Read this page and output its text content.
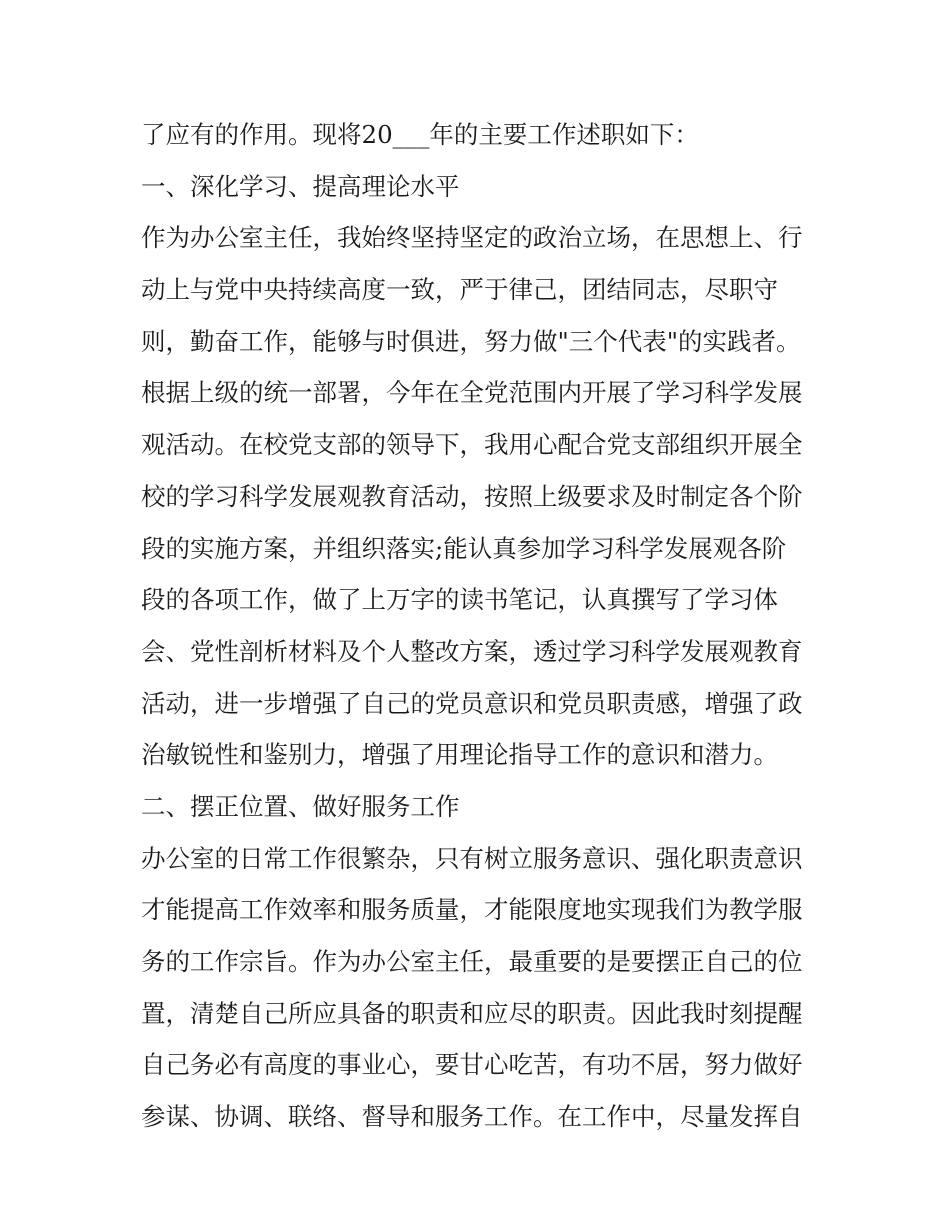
了应有的作用。现将20___年的主要工作述职如下：
一、深化学习、提高理论水平
作为办公室主任，我始终坚持坚定的政治立场，在思想上、行
动上与党中央持续高度一致，严于律己，团结同志，尽职守
则，勤奋工作，能够与时俱进，努力做"三个代表"的实践者。
根据上级的统一部署，今年在全党范围内开展了学习科学发展
观活动。在校党支部的领导下，我用心配合党支部组织开展全
校的学习科学发展观教育活动，按照上级要求及时制定各个阶
段的实施方案，并组织落实;能认真参加学习科学发展观各阶
段的各项工作，做了上万字的读书笔记，认真撰写了学习体
会、党性剖析材料及个人整改方案，透过学习科学发展观教育
活动，进一步增强了自己的党员意识和党员职责感，增强了政
治敏锐性和鉴别力，增强了用理论指导工作的意识和潜力。
二、摆正位置、做好服务工作
办公室的日常工作很繁杂，只有树立服务意识、强化职责意识
才能提高工作效率和服务质量，才能限度地实现我们为教学服
务的工作宗旨。作为办公室主任，最重要的是要摆正自己的位
置，清楚自己所应具备的职责和应尽的职责。因此我时刻提醒
自己务必有高度的事业心，要甘心吃苦，有功不居，努力做好
参谋、协调、联络、督导和服务工作。在工作中，尽量发挥自
